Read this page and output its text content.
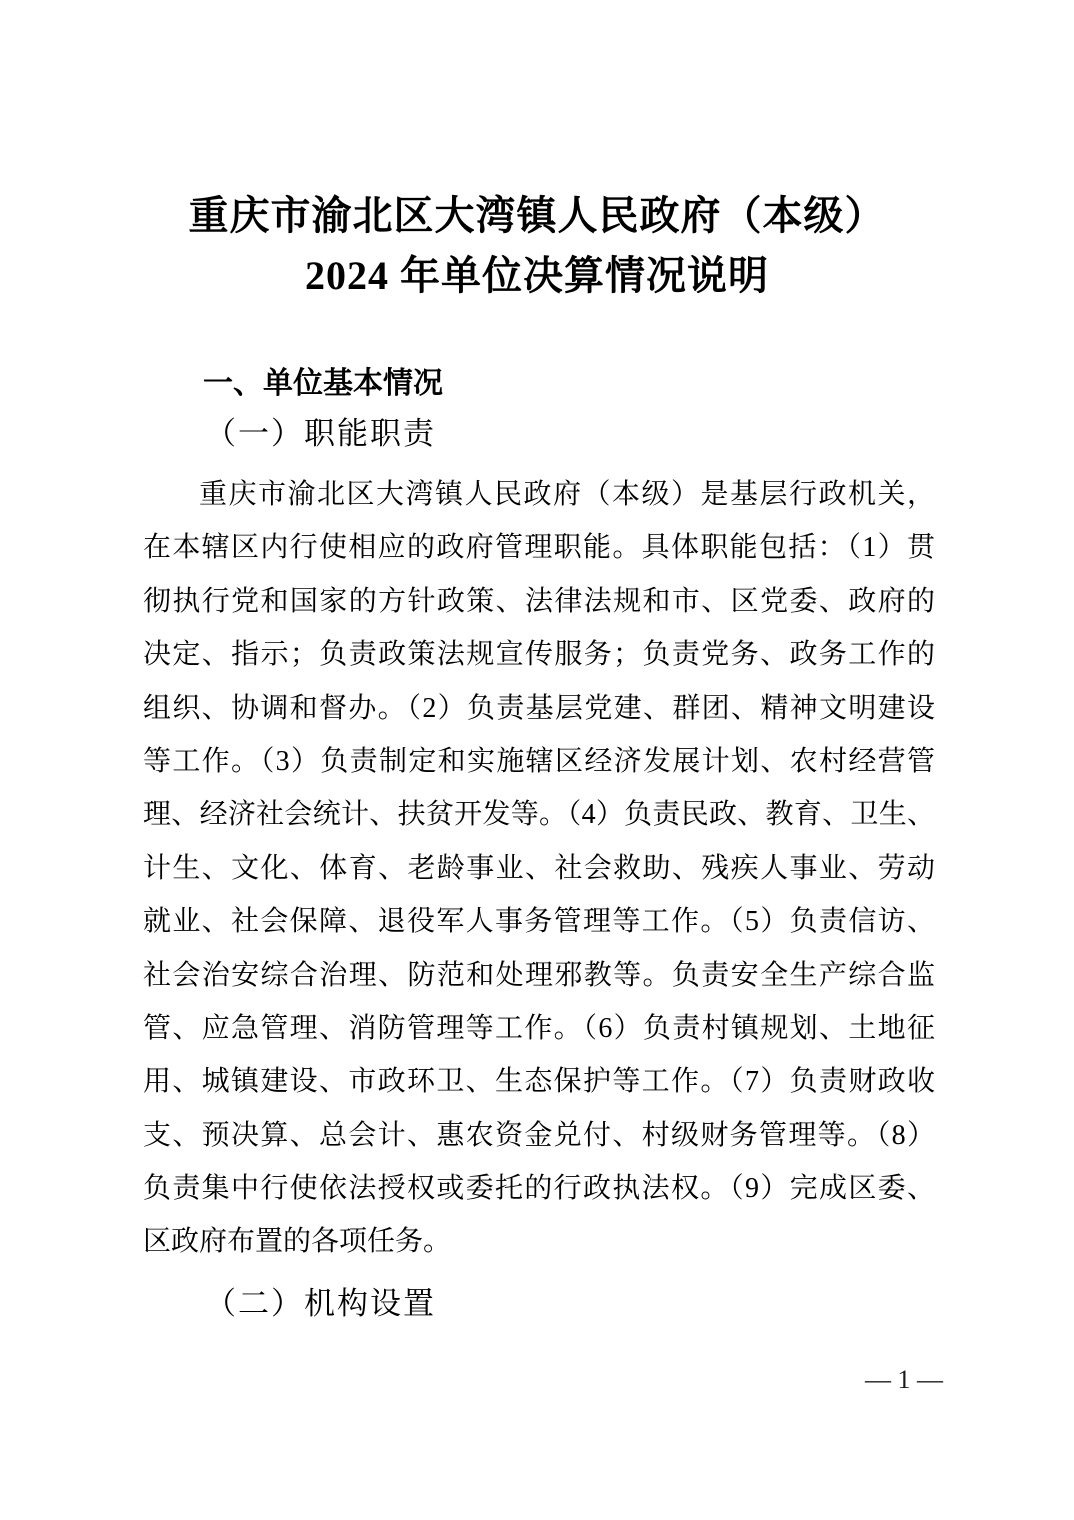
重庆市渝北区大湾镇人民政府（本级）
2024 年单位决算情况说明
一、单位基本情况
（一）职能职责
重庆市渝北区大湾镇人民政府（本级）是基层行政机关，
在本辖区内行使相应的政府管理职能。具体职能包括：（1）贯
彻执行党和国家的方针政策、法律法规和市、区党委、政府的
决定、指示；负责政策法规宣传服务；负责党务、政务工作的
组织、协调和督办。（2）负责基层党建、群团、精神文明建设
等工作。（3）负责制定和实施辖区经济发展计划、农村经营管
理、经济社会统计、扶贫开发等。（4）负责民政、教育、卫生、
计生、文化、体育、老龄事业、社会救助、残疾人事业、劳动
就业、社会保障、退役军人事务管理等工作。（5）负责信访、
社会治安综合治理、防范和处理邪教等。负责安全生产综合监
管、应急管理、消防管理等工作。（6）负责村镇规划、土地征
用、城镇建设、市政环卫、生态保护等工作。（7）负责财政收
支、预决算、总会计、惠农资金兑付、村级财务管理等。（8）
负责集中行使依法授权或委托的行政执法权。（9）完成区委、
区政府布置的各项任务。
（二）机构设置
— 1 —
